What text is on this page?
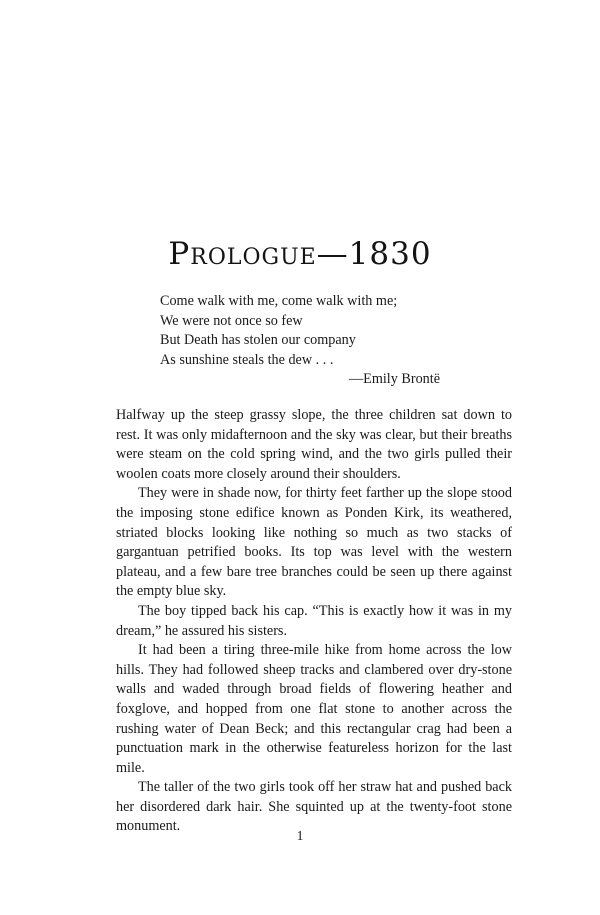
Prologue—1830
Come walk with me, come walk with me;
We were not once so few
But Death has stolen our company
As sunshine steals the dew . . .
—Emily Brontë

Halfway up the steep grassy slope, the three children sat down to rest. It was only midafternoon and the sky was clear, but their breaths were steam on the cold spring wind, and the two girls pulled their woolen coats more closely around their shoulders.

They were in shade now, for thirty feet farther up the slope stood the imposing stone edifice known as Ponden Kirk, its weathered, striated blocks looking like nothing so much as two stacks of gargantuan petrified books. Its top was level with the western plateau, and a few bare tree branches could be seen up there against the empty blue sky.

The boy tipped back his cap. “This is exactly how it was in my dream,” he assured his sisters.

It had been a tiring three-mile hike from home across the low hills. They had followed sheep tracks and clambered over dry-stone walls and waded through broad fields of flowering heather and foxglove, and hopped from one flat stone to another across the rushing water of Dean Beck; and this rectangular crag had been a punctuation mark in the otherwise featureless horizon for the last mile.

The taller of the two girls took off her straw hat and pushed back her disordered dark hair. She squinted up at the twenty-foot stone monument.

1
